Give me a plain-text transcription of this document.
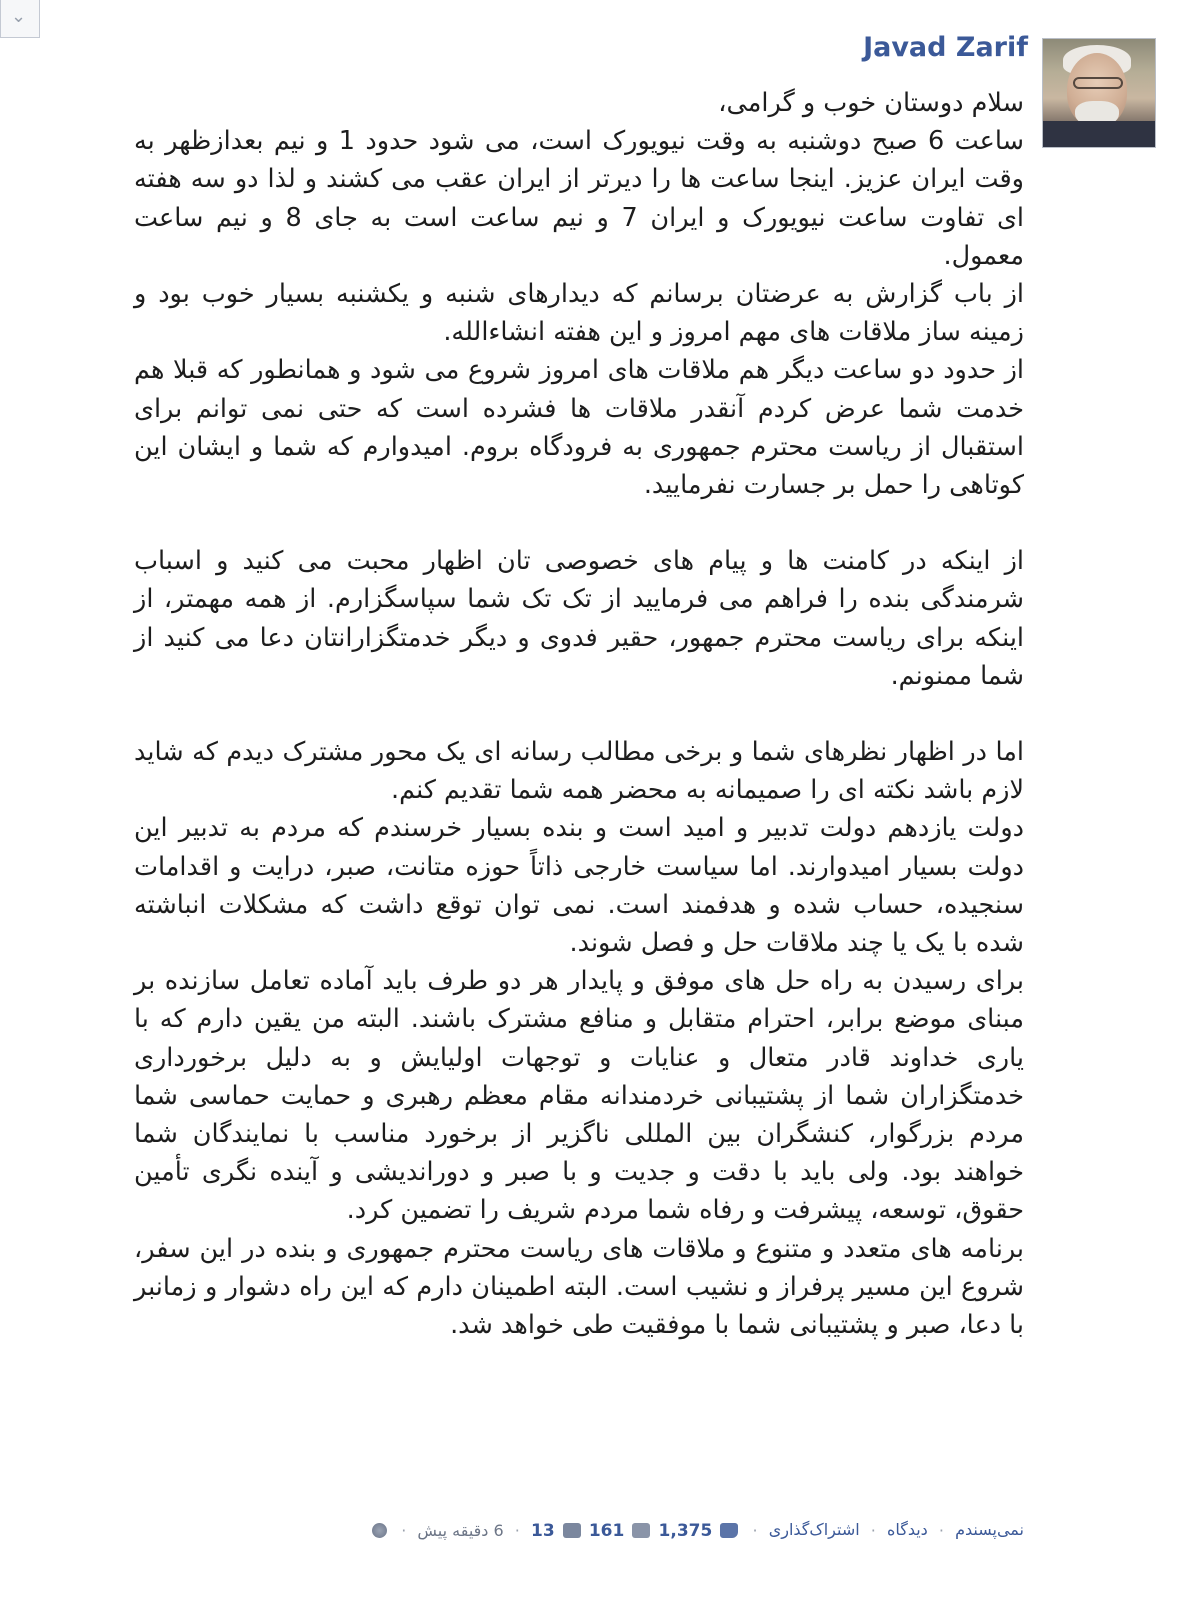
⌄
Javad Zarif

سلام دوستان خوب و گرامی،
ساعت 6 صبح دوشنبه به وقت نیویورک است، می شود حدود 1 و نیم بعدازظهر به وقت ایران عزیز. اینجا ساعت ها را دیرتر از ایران عقب می کشند و لذا دو سه هفته ای تفاوت ساعت نیویورک و ایران 7 و نیم ساعت است به جای 8 و نیم ساعت معمول.
از باب گزارش به عرضتان برسانم که دیدارهای شنبه و یکشنبه بسیار خوب بود و زمینه ساز ملاقات های مهم امروز و این هفته انشاءالله.
از حدود دو ساعت دیگر هم ملاقات های امروز شروع می شود و همانطور که قبلا هم خدمت شما عرض کردم آنقدر ملاقات ها فشرده است که حتی نمی توانم برای استقبال از ریاست محترم جمهوری به فرودگاه بروم. امیدوارم که شما و ایشان این کوتاهی را حمل بر جسارت نفرمایید.

از اینکه در کامنت ها و پیام های خصوصی تان اظهار محبت می کنید و اسباب شرمندگی بنده را فراهم می فرمایید از تک تک شما سپاسگزارم. از همه مهمتر، از اینکه برای ریاست محترم جمهور، حقیر فدوی و دیگر خدمتگزارانتان دعا می کنید از شما ممنونم.

اما در اظهار نظرهای شما و برخی مطالب رسانه ای یک محور مشترک دیدم که شاید لازم باشد نکته ای را صمیمانه به محضر همه شما تقدیم کنم.
دولت یازدهم دولت تدبیر و امید است و بنده بسیار خرسندم که مردم به تدبیر این دولت بسیار امیدوارند. اما سیاست خارجی ذاتاً حوزه متانت، صبر، درایت و اقدامات سنجیده، حساب شده و هدفمند است. نمی توان توقع داشت که مشکلات انباشته شده با یک یا چند ملاقات حل و فصل شوند.
برای رسیدن به راه حل های موفق و پایدار هر دو طرف باید آماده تعامل سازنده بر مبنای موضع برابر، احترام متقابل و منافع مشترک باشند. البته من یقین دارم که با یاری خداوند قادر متعال و عنایات و توجهات اولیایش و به دلیل برخورداری خدمتگزاران شما از پشتیبانی خردمندانه مقام معظم رهبری و حمایت حماسی شما مردم بزرگوار، کنشگران بین المللی ناگزیر از برخورد مناسب با نمایندگان شما خواهند بود. ولی باید با دقت و جدیت و با صبر و دوراندیشی و آینده نگری تأمین حقوق، توسعه، پیشرفت و رفاه شما مردم شریف را تضمین کرد.
برنامه های متعدد و متنوع و ملاقات های ریاست محترم جمهوری و بنده در این سفر، شروع این مسیر پرفراز و نشیب است. البته اطمینان دارم که این راه دشوار و زمانبر با دعا، صبر و پشتیبانی شما با موفقیت طی خواهد شد.

نمی‌پسندم · دیدگاه · اشتراک‌گذاری ·  1,375  161  13 · 6 دقیقه پیش ·
